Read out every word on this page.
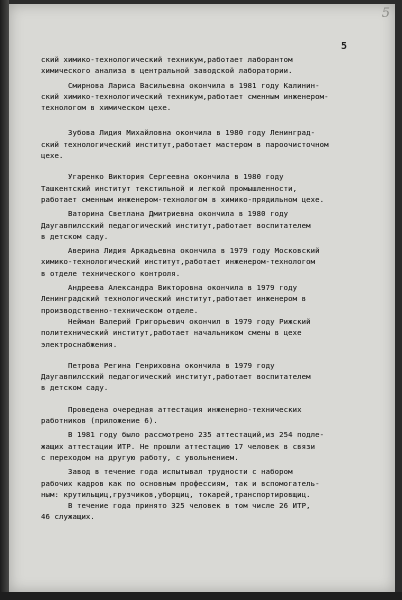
5
5

ский химико-технологический техникум,работает лаборантом
химического анализа в центральной заводской лаборатории.

Смирнова Лариса Васильевна окончила в 1981 году Калинин-
ский химико-технологический техникум,работает сменным инженером-
технологом в химическом цехе.

Зубова Лидия Михайловна окончила в 1980 году Ленинград-
ский технологический институт,работает мастером в пароочисточном
цехе.

Угаренко Виктория Сергеевна окончила в 1980 году
Ташкентский институт текстильной и легкой промышленности,
работает сменным инженером-технологом в химико-прядильном цехе.

Ваторина Светлана Дмитриевна окончила в 1980 году
Даугавпилсский педагогический институт,работает воспитателем
в детском саду.

Аверина Лидия Аркадьевна окончила в 1979 году Московский
химико-технологический институт,работает инженером-технологом
в отделе технического контроля.

Андреева Александра Викторовна окончила в 1979 году
Ленинградский технологический институт,работает инженером в
производственно-техническом отделе.

Нейман Валерий Григорьевич окончил в 1979 году Рижский
политехнический институт,работает начальником смены в цехе
электроснабжения.

Петрова Регина Генриховна окончила в 1979 году
Даугавпилсский педагогический институт,работает воспитателем
в детском саду.

Проведена очередная аттестация инженерно-технических
работников (приложение 6).

В 1981 году было рассмотрено 235 аттестаций,из 254 подле-
жащих аттестации ИТР. Не прошли аттестацию 17 человек в связи
с переходом на другую работу, с увольнением.

Завод в течение года испытывал трудности с набором
рабочих кадров как по основным профессиям, так и вспомогатель-
ным: крутильщиц,грузчиков,уборщиц, токарей,транспортировщиц.

В течение года принято 325 человек в том числе 26 ИТР,
46 служащих.
